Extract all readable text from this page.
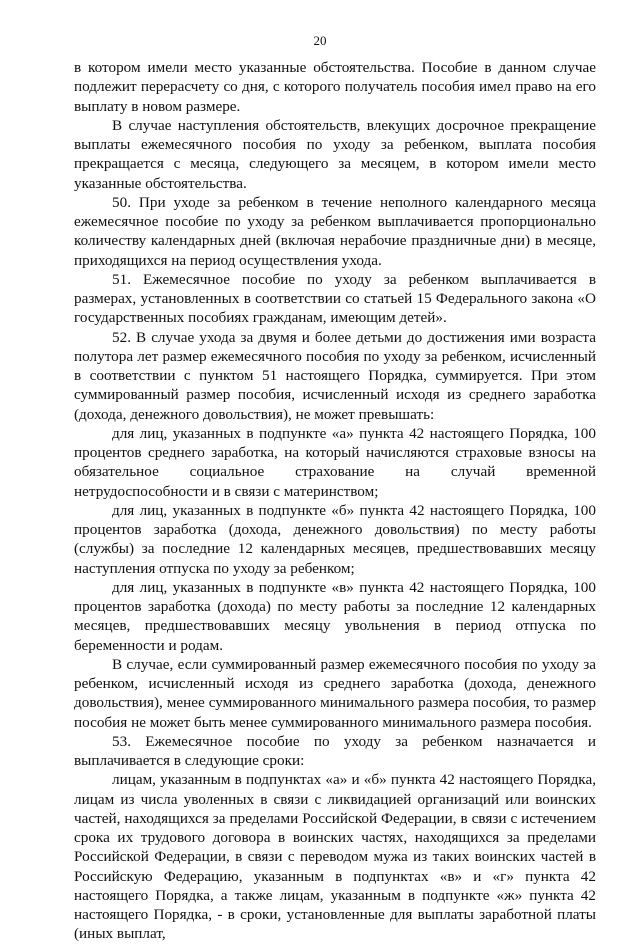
20

в котором имели место указанные обстоятельства. Пособие в данном случае подлежит перерасчету со дня, с которого получатель пособия имел право на его выплату в новом размере.

В случае наступления обстоятельств, влекущих досрочное прекращение выплаты ежемесячного пособия по уходу за ребенком, выплата пособия прекращается с месяца, следующего за месяцем, в котором имели место указанные обстоятельства.

50. При уходе за ребенком в течение неполного календарного месяца ежемесячное пособие по уходу за ребенком выплачивается пропорционально количеству календарных дней (включая нерабочие праздничные дни) в месяце, приходящихся на период осуществления ухода.

51. Ежемесячное пособие по уходу за ребенком выплачивается в размерах, установленных в соответствии со статьей 15 Федерального закона «О государственных пособиях гражданам, имеющим детей».

52. В случае ухода за двумя и более детьми до достижения ими возраста полутора лет размер ежемесячного пособия по уходу за ребенком, исчисленный в соответствии с пунктом 51 настоящего Порядка, суммируется. При этом суммированный размер пособия, исчисленный исходя из среднего заработка (дохода, денежного довольствия), не может превышать:

для лиц, указанных в подпункте «а» пункта 42 настоящего Порядка, 100 процентов среднего заработка, на который начисляются страховые взносы на обязательное социальное страхование на случай временной нетрудоспособности и в связи с материнством;

для лиц, указанных в подпункте «б» пункта 42 настоящего Порядка, 100 процентов заработка (дохода, денежного довольствия) по месту работы (службы) за последние 12 календарных месяцев, предшествовавших месяцу наступления отпуска по уходу за ребенком;

для лиц, указанных в подпункте «в» пункта 42 настоящего Порядка, 100 процентов заработка (дохода) по месту работы за последние 12 календарных месяцев, предшествовавших месяцу увольнения в период отпуска по беременности и родам.

В случае, если суммированный размер ежемесячного пособия по уходу за ребенком, исчисленный исходя из среднего заработка (дохода, денежного довольствия), менее суммированного минимального размера пособия, то размер пособия не может быть менее суммированного минимального размера пособия.

53. Ежемесячное пособие по уходу за ребенком назначается и выплачивается в следующие сроки:

лицам, указанным в подпунктах «а» и «б» пункта 42 настоящего Порядка, лицам из числа уволенных в связи с ликвидацией организаций или воинских частей, находящихся за пределами Российской Федерации, в связи с истечением срока их трудового договора в воинских частях, находящихся за пределами Российской Федерации, в связи с переводом мужа из таких воинских частей в Российскую Федерацию, указанным в подпунктах «в» и «г» пункта 42 настоящего Порядка, а также лицам, указанным в подпункте «ж» пункта 42 настоящего Порядка, - в сроки, установленные для выплаты заработной платы (иных выплат,
